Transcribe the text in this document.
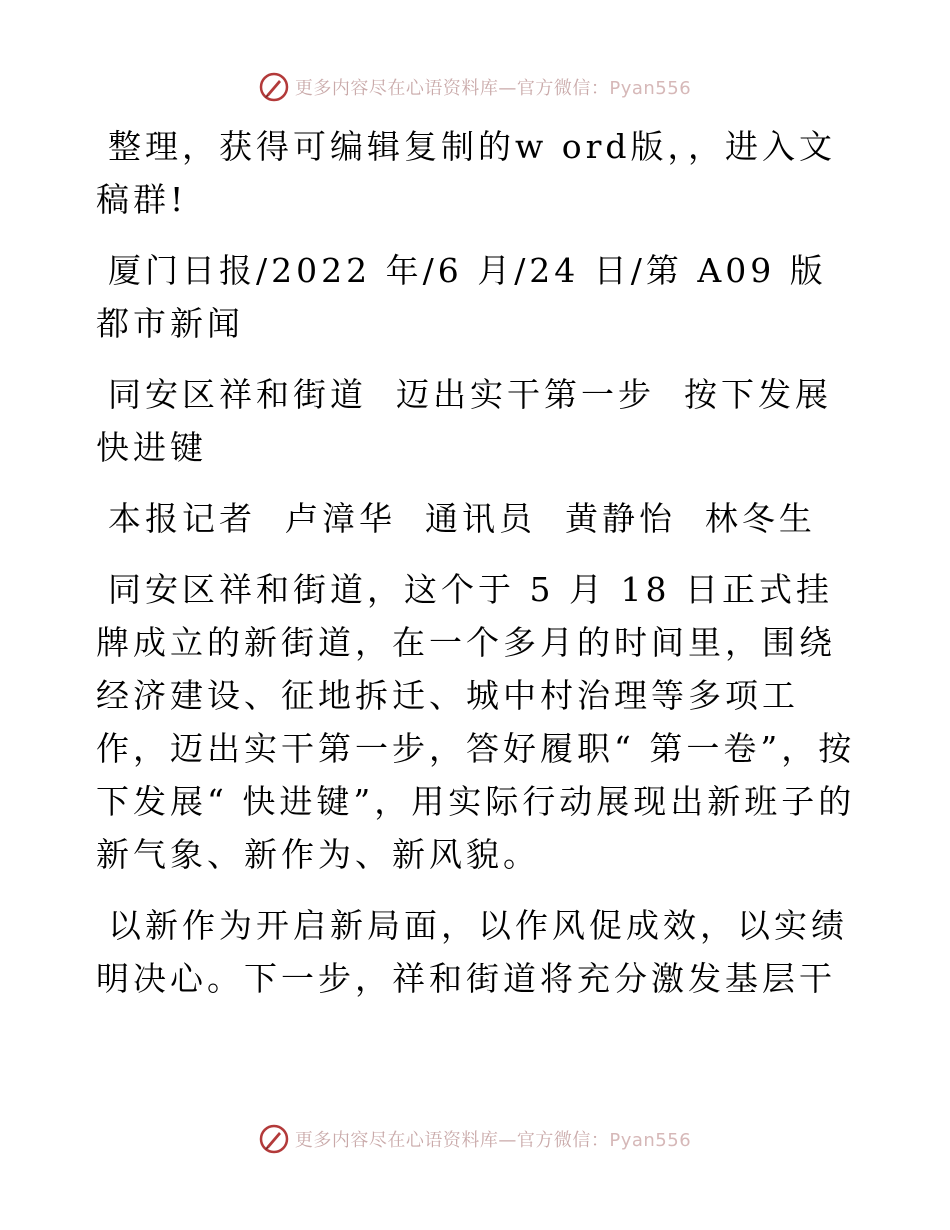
更多内容尽在心语资料库—官方微信：Pyan556

整理，获得可编辑复制的w ord版，，进入文稿群!

厦门日报/2022 年/6 月/24 日/第 A09 版都市新闻

同安区祥和街道  迈出实干第一步  按下发展快进键

本报记者  卢漳华  通讯员  黄静怡  林冬生

同安区祥和街道，这个于 5 月 18 日正式挂牌成立的新街道，在一个多月的时间里，围绕经济建设、征地拆迁、城中村治理等多项工作，迈出实干第一步，答好履职“ 第一卷”，按下发展“ 快进键”，用实际行动展现出新班子的新气象、新作为、新风貌。

以新作为开启新局面，以作风促成效，以实绩明决心。下一步，祥和街道将充分激发基层干

更多内容尽在心语资料库—官方微信：Pyan556
